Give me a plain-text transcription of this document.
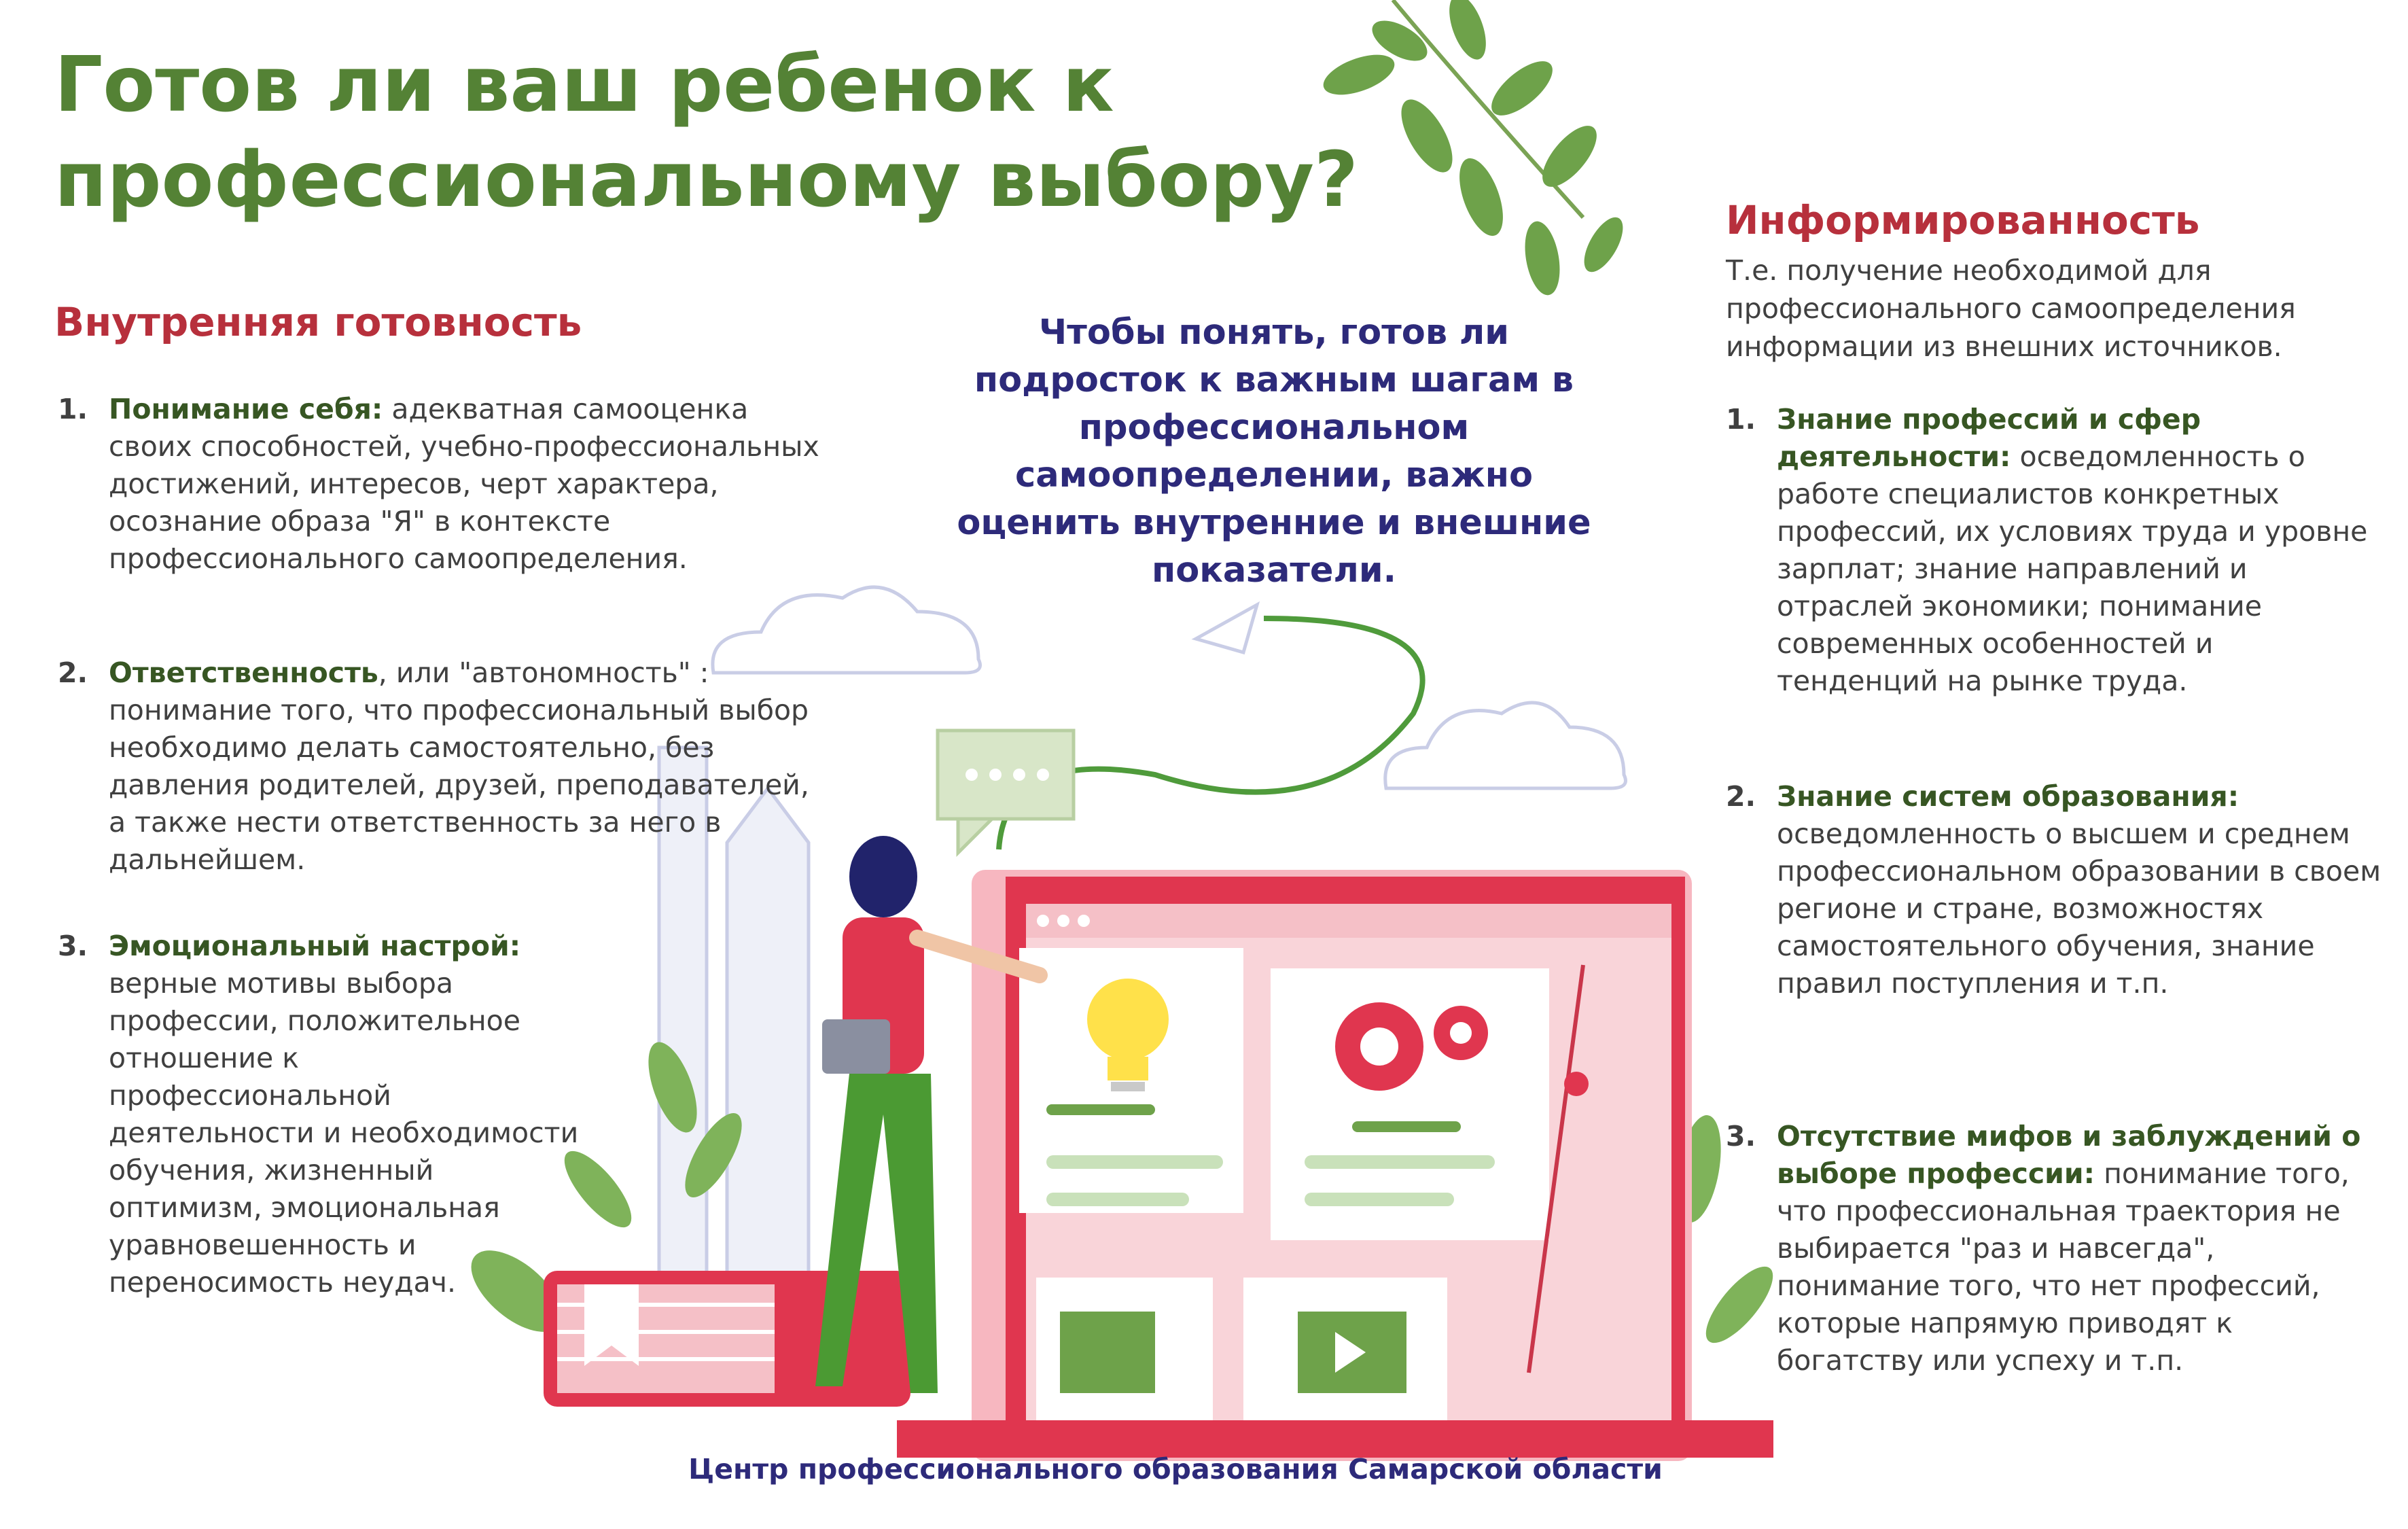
Готов ли ваш ребенок к
профессиональному выбору?
Внутренняя готовность
1. Понимание себя: адекватная самооценка своих способностей, учебно-профессиональных достижений, интересов, черт характера, осознание образа "Я" в контексте профессионального самоопределения.
2. Ответственность, или "автономность" : понимание того, что профессиональный выбор необходимо делать самостоятельно, без давления родителей, друзей, преподавателей, а также нести ответственность за него в дальнейшем.
3. Эмоциональный настрой: верные мотивы выбора профессии, положительное отношение к профессиональной деятельности и необходимости обучения, жизненный оптимизм, эмоциональная уравновешенность и переносимость неудач.
Чтобы понять, готов ли подросток к важным шагам в профессиональном самоопределении, важно оценить внутренние и внешние показатели.
Информированность
Т.е. получение необходимой для профессионального самоопределения информации из внешних источников.
1. Знание профессий и сфер деятельности: осведомленность о работе специалистов конкретных профессий, их условиях труда и уровне зарплат; знание направлений и отраслей экономики; понимание современных особенностей и тенденций на рынке труда.
2. Знание систем образования: осведомленность о высшем и среднем профессиональном образовании в своем регионе и стране, возможностях самостоятельного обучения, знание правил поступления и т.п.
3. Отсутствие мифов и заблуждений о выборе профессии: понимание того, что профессиональная траектория не выбирается "раз и навсегда", понимание того, что нет профессий, которые напрямую приводят к богатству или успеху и т.п.
Центр профессионального образования Самарской области
